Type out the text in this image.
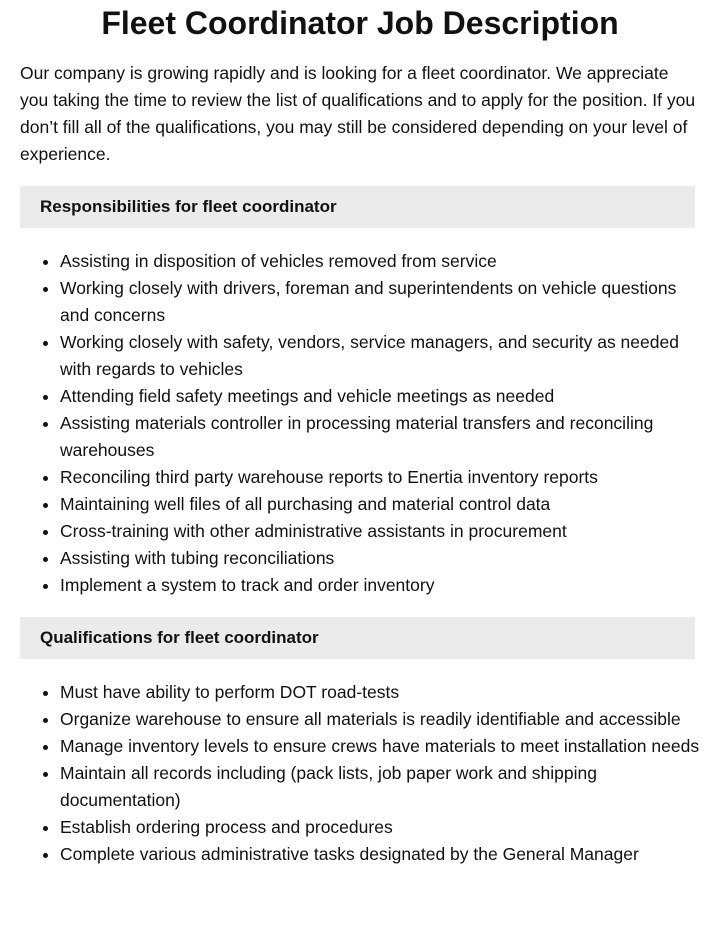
Fleet Coordinator Job Description

Our company is growing rapidly and is looking for a fleet coordinator. We appreciate you taking the time to review the list of qualifications and to apply for the position. If you don’t fill all of the qualifications, you may still be considered depending on your level of experience.

Responsibilities for fleet coordinator
• Assisting in disposition of vehicles removed from service
• Working closely with drivers, foreman and superintendents on vehicle questions and concerns
• Working closely with safety, vendors, service managers, and security as needed with regards to vehicles
• Attending field safety meetings and vehicle meetings as needed
• Assisting materials controller in processing material transfers and reconciling warehouses
• Reconciling third party warehouse reports to Enertia inventory reports
• Maintaining well files of all purchasing and material control data
• Cross-training with other administrative assistants in procurement
• Assisting with tubing reconciliations
• Implement a system to track and order inventory
Qualifications for fleet coordinator
• Must have ability to perform DOT road-tests
• Organize warehouse to ensure all materials is readily identifiable and accessible
• Manage inventory levels to ensure crews have materials to meet installation needs
• Maintain all records including (pack lists, job paper work and shipping documentation)
• Establish ordering process and procedures
• Complete various administrative tasks designated by the General Manager
